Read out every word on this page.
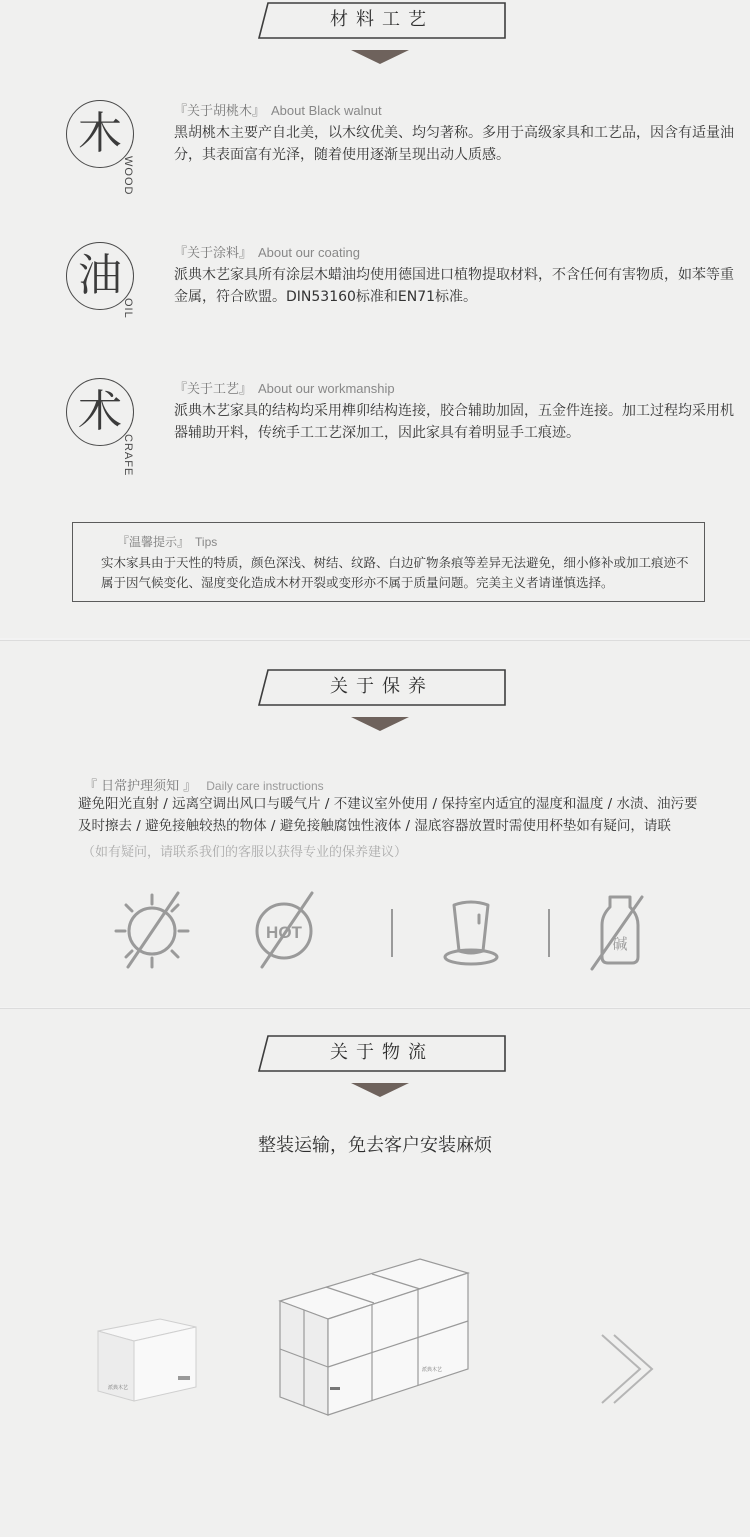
材料工艺
木
WOOD
『关于胡桃木』 About Black walnut
黑胡桃木主要产自北美，以木纹优美、均匀著称。多用于高级家具和工艺品，因含有适量油分，其表面富有光泽，随着使用逐渐呈现出动人质感。
油
OIL
『关于涂料』 About our coating
派典木艺家具所有涂层木蜡油均使用德国进口植物提取材料，不含任何有害物质，如苯等重金属，符合欧盟。DIN53160标准和EN71标准。
术
CRAFE
『关于工艺』 About our workmanship
派典木艺家具的结构均采用榫卯结构连接，胶合辅助加固，五金件连接。加工过程均采用机器辅助开料，传统手工工艺深加工，因此家具有着明显手工痕迹。
『温馨提示』 Tips
实木家具由于天性的特质，颜色深浅、树结、纹路、白边矿物条痕等差异无法避免，细小修补或加工痕迹不属于因气候变化、湿度变化造成木材开裂或变形亦不属于质量问题。完美主义者请谨慎选择。
关于保养
『 日常护理须知 』 Daily care instructions
避免阳光直射 / 远离空调出风口与暖气片 / 不建议室外使用 / 保持室内适宜的湿度和温度 / 水渍、油污要及时擦去 / 避免接触较热的物体 / 避免接触腐蚀性液体 / 湿底容器放置时需使用杯垫如有疑问，请联
（如有疑问，请联系我们的客服以获得专业的保养建议）
HOT
碱
关于物流
整装运输，免去客户安装麻烦
派典木艺
派典木艺
